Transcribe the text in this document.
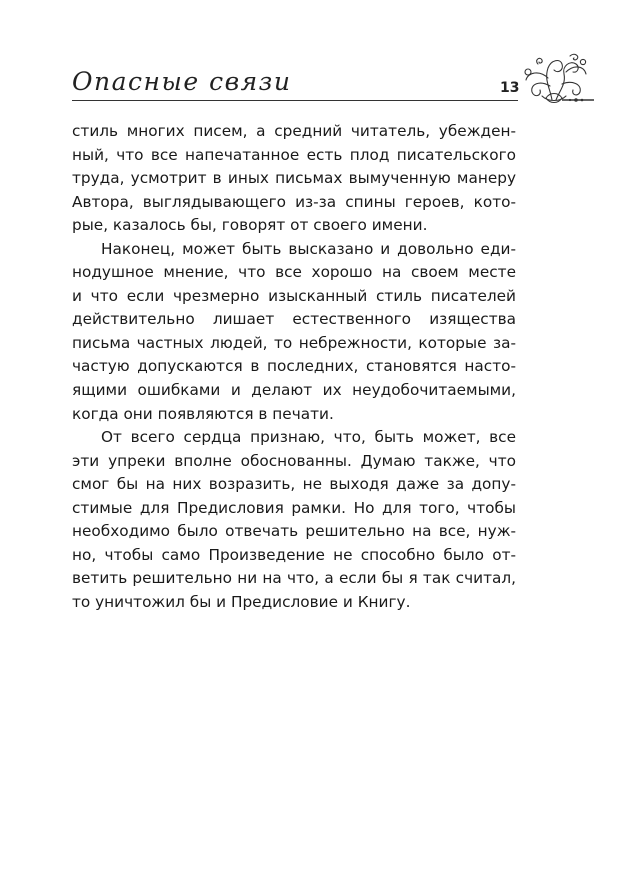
Опасные связи	13
стиль многих писем, а средний читатель, убежден-
ный, что все напечатанное есть плод писательского
труда, усмотрит в иных письмах вымученную манеру
Автора, выглядывающего из-за спины героев, кото-
рые, казалось бы, говорят от своего имени.
Наконец, может быть высказано и довольно еди-
нодушное мнение, что все хорошо на своем месте
и что если чрезмерно изысканный стиль писателей
действительно лишает естественного изящества
письма частных людей, то небрежности, которые за-
частую допускаются в последних, становятся насто-
ящими ошибками и делают их неудобочитаемыми,
когда они появляются в печати.
От всего сердца признаю, что, быть может, все
эти упреки вполне обоснованны. Думаю также, что
смог бы на них возразить, не выходя даже за допу-
стимые для Предисловия рамки. Но для того, чтобы
необходимо было отвечать решительно на все, нуж-
но, чтобы само Произведение не способно было от-
ветить решительно ни на что, а если бы я так считал,
то уничтожил бы и Предисловие и Книгу.
